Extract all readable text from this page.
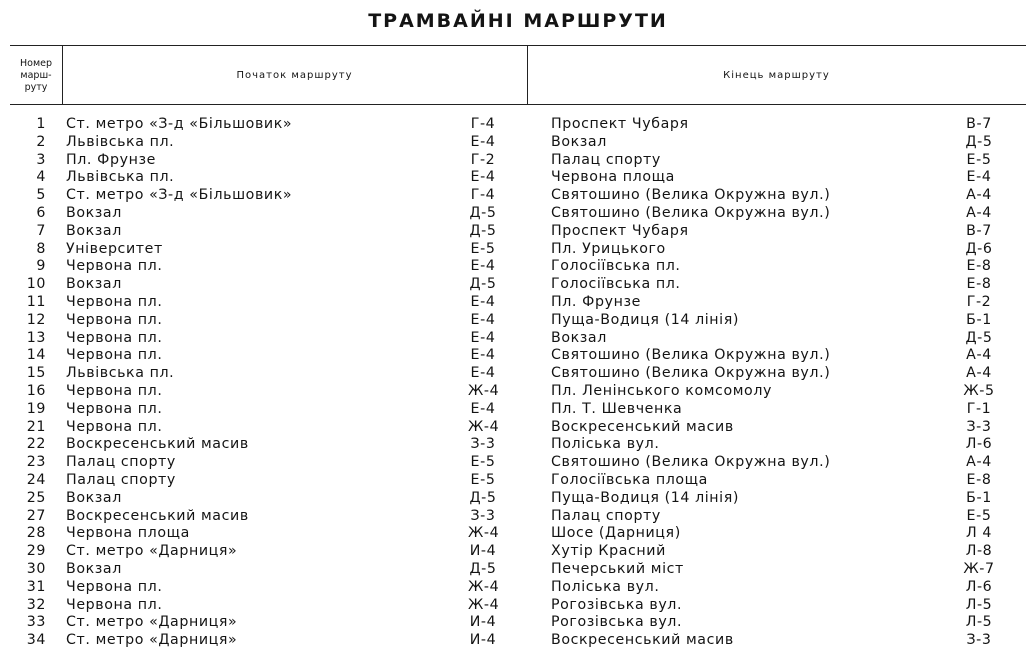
ТРАМВАЙНІ МАРШРУТИ
Номер
марш-
руту
Початок маршруту	Кінець маршруту
1 Ст. метро «З-д «Більшовик»	Г-4	Проспект Чубаря	В-7
2 Львівська пл.	Е-4	Вокзал	Д-5
3 Пл. Фрунзе	Г-2	Палац спорту	Е-5
4 Львівська пл.	Е-4	Червона площа	Е-4
5 Ст. метро «З-д «Більшовик»	Г-4	Святошино (Велика Окружна вул.)	А-4
6 Вокзал	Д-5	Святошино (Велика Окружна вул.)	А-4
7 Вокзал	Д-5	Проспект Чубаря	В-7
8 Університет	Е-5	Пл. Урицького	Д-6
9 Червона пл.	Е-4	Голосіївська пл.	Е-8
10 Вокзал	Д-5	Голосіївська пл.	Е-8
11 Червона пл.	Е-4	Пл. Фрунзе	Г-2
12 Червона пл.	Е-4	Пуща-Водиця (14 лінія)	Б-1
13 Червона пл.	Е-4	Вокзал	Д-5
14 Червона пл.	Е-4	Святошино (Велика Окружна вул.)	А-4
15 Львівська пл.	Е-4	Святошино (Велика Окружна вул.)	А-4
16 Червона пл.	Ж-4	Пл. Ленінського комсомолу	Ж-5
19 Червона пл.	Е-4	Пл. Т. Шевченка	Г-1
21 Червона пл.	Ж-4	Воскресенський масив	З-3
22 Воскресенський масив	З-3	Поліська вул.	Л-6
23 Палац спорту	Е-5	Святошино (Велика Окружна вул.)	А-4
24 Палац спорту	Е-5	Голосіївська площа	Е-8
25 Вокзал	Д-5	Пуща-Водиця (14 лінія)	Б-1
27 Воскресенський масив	З-3	Палац спорту	Е-5
28 Червона площа	Ж-4	Шосе (Дарниця)	Л 4
29 Ст. метро «Дарниця»	И-4	Хутір Красний	Л-8
30 Вокзал	Д-5	Печерський міст	Ж-7
31 Червона пл.	Ж-4	Поліська вул.	Л-6
32 Червона пл.	Ж-4	Рогозівська вул.	Л-5
33 Ст. метро «Дарниця»	И-4	Рогозівська вул.	Л-5
34 Ст. метро «Дарниця»	И-4	Воскресенський масив	З-3
